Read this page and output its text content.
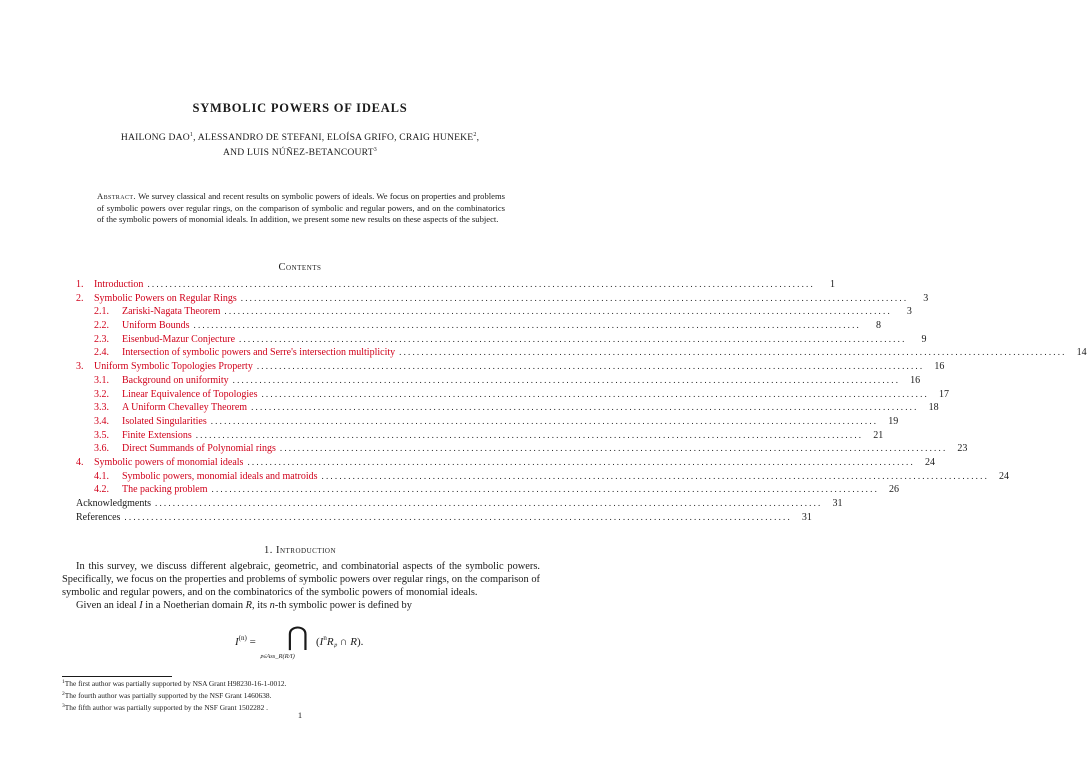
SYMBOLIC POWERS OF IDEALS
HAILONG DAO$^1$, ALESSANDRO DE STEFANI, ELOÍSA GRIFO, CRAIG HUNEKE$^2$,
AND LUIS NÚÑEZ-BETANCOURT$^3$
Abstract. We survey classical and recent results on symbolic powers of ideals. We focus on properties and problems of symbolic powers over regular rings, on the comparison of symbolic and regular powers, and on the combinatorics of the symbolic powers of monomial ideals. In addition, we present some new results on these aspects of the subject.
Contents
1.	Introduction ......................................................................................................................................................	1
2.	Symbolic Powers on Regular Rings ......................................................................................................................................................	3
2.1.	Zariski-Nagata Theorem ......................................................................................................................................................	3
2.2.	Uniform Bounds ......................................................................................................................................................	8
2.3.	Eisenbud-Mazur Conjecture ......................................................................................................................................................	9
2.4.	Intersection of symbolic powers and Serre's intersection multiplicity ......................................................................................................................................................	14
3.	Uniform Symbolic Topologies Property ......................................................................................................................................................	16
3.1.	Background on uniformity ......................................................................................................................................................	16
3.2.	Linear Equivalence of Topologies ......................................................................................................................................................	17
3.3.	A Uniform Chevalley Theorem ......................................................................................................................................................	18
3.4.	Isolated Singularities ......................................................................................................................................................	19
3.5.	Finite Extensions ......................................................................................................................................................	21
3.6.	Direct Summands of Polynomial rings ......................................................................................................................................................	23
4.	Symbolic powers of monomial ideals ......................................................................................................................................................	24
4.1.	Symbolic powers, monomial ideals and matroids ......................................................................................................................................................	24
4.2.	The packing problem ......................................................................................................................................................	26
Acknowledgments ......................................................................................................................................................	31
References ......................................................................................................................................................	31
1. Introduction

In this survey, we discuss different algebraic, geometric, and combinatorial aspects of the symbolic powers. Specifically, we focus on the properties and problems of symbolic powers over regular rings, on the comparison of symbolic and regular powers, and on the combinatorics of the symbolic powers of monomial ideals.

Given an ideal I in a Noetherian domain R, its n-th symbolic power is defined by

$I^{(n)}$ = ⋂
𝔭∈Ass_R(R/I)
($I^nR_𝔭$ ∩ R).
$^1$The first author was partially supported by NSA Grant H98230-16-1-0012.
$^2$The fourth author was partially supported by the NSF Grant 1460638.
$^3$The fifth author was partially supported by the NSF Grant 1502282 .
1
